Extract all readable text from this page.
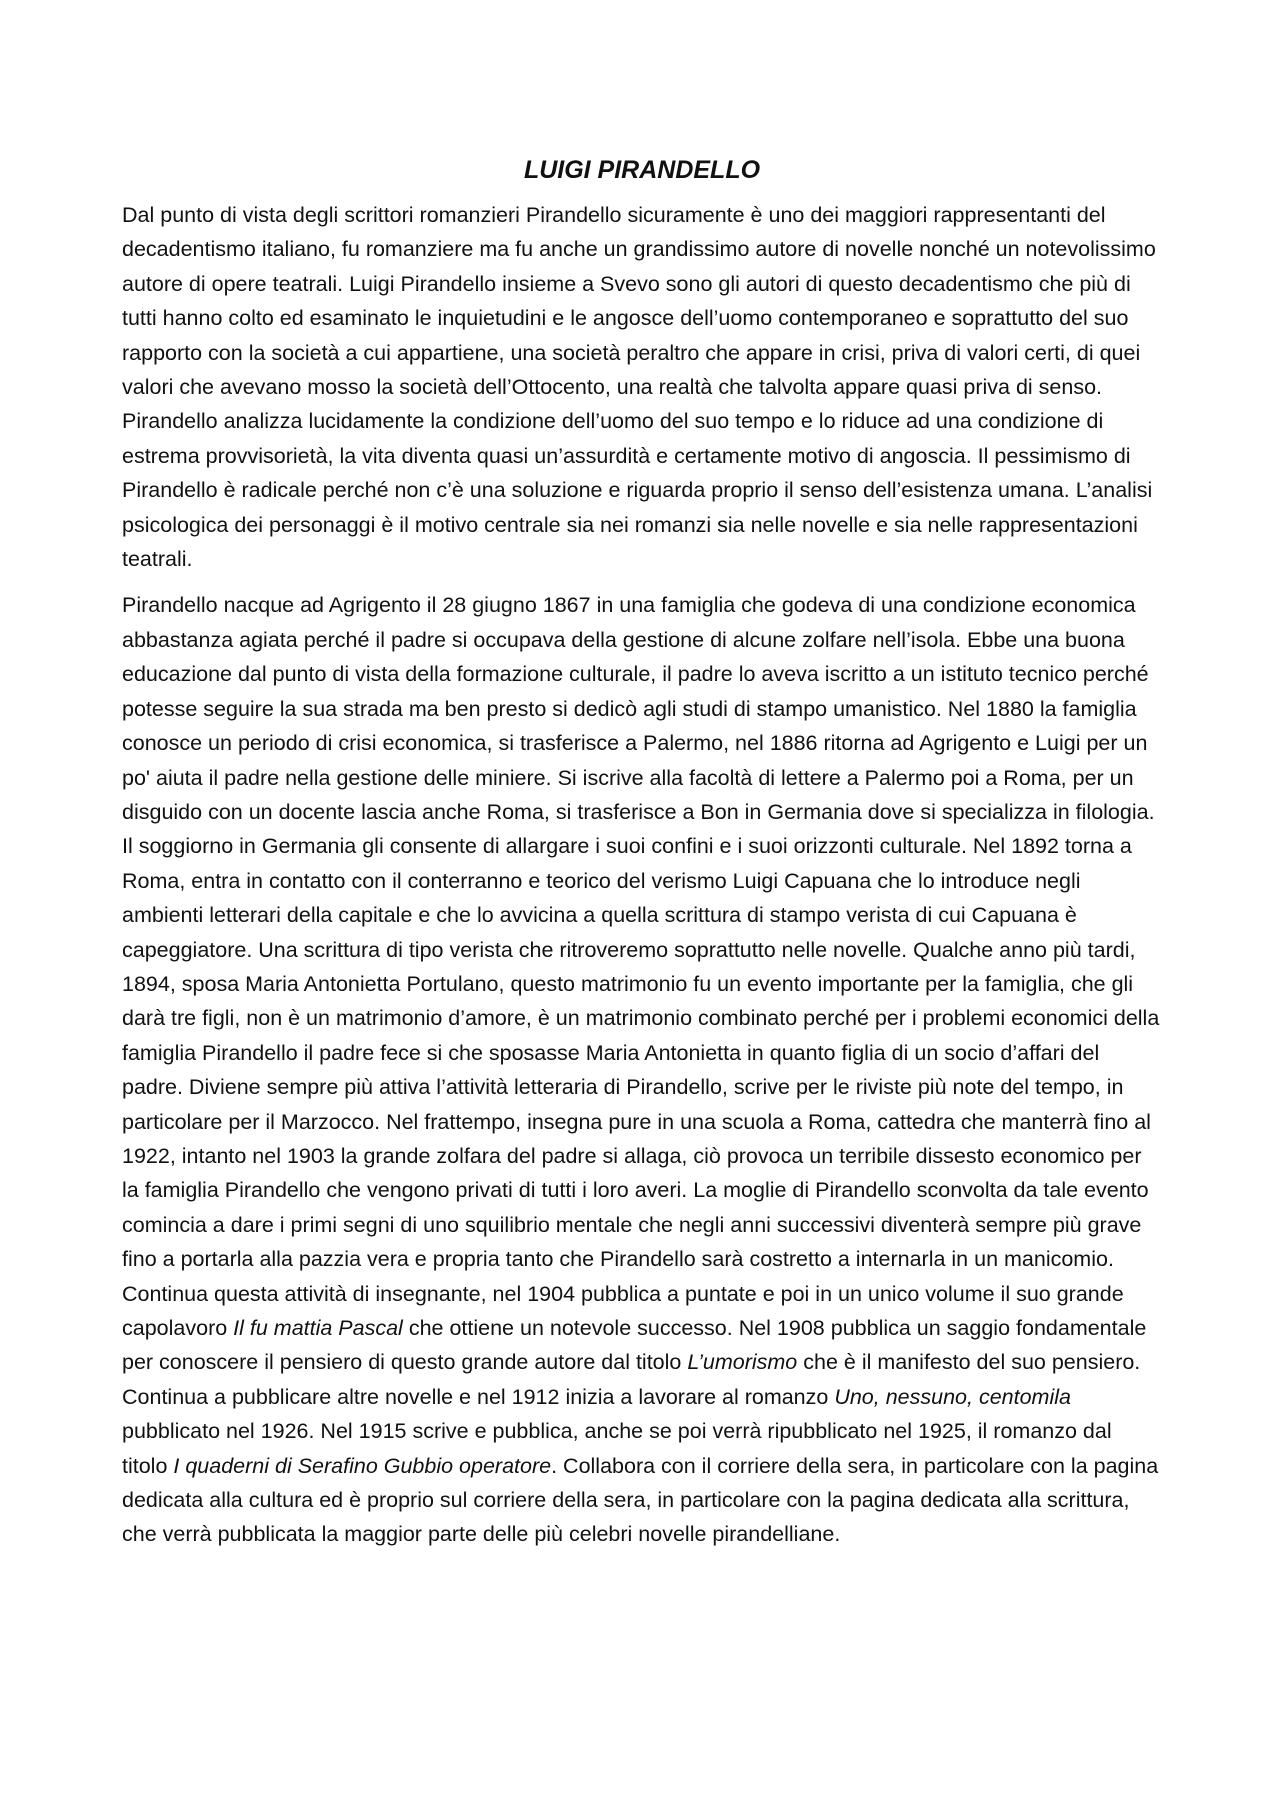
LUIGI PIRANDELLO

Dal punto di vista degli scrittori romanzieri Pirandello sicuramente è uno dei maggiori rappresentanti del decadentismo italiano, fu romanziere ma fu anche un grandissimo autore di novelle nonché un notevolissimo autore di opere teatrali. Luigi Pirandello insieme a Svevo sono gli autori di questo decadentismo che più di tutti hanno colto ed esaminato le inquietudini e le angosce dell’uomo contemporaneo e soprattutto del suo rapporto con la società a cui appartiene, una società peraltro che appare in crisi, priva di valori certi, di quei valori che avevano mosso la società dell’Ottocento, una realtà che talvolta appare quasi priva di senso. Pirandello analizza lucidamente la condizione dell’uomo del suo tempo e lo riduce ad una condizione di estrema provvisorietà, la vita diventa quasi un’assurdità e certamente motivo di angoscia. Il pessimismo di Pirandello è radicale perché non c’è una soluzione e riguarda proprio il senso dell’esistenza umana. L’analisi psicologica dei personaggi è il motivo centrale sia nei romanzi sia nelle novelle e sia nelle rappresentazioni teatrali.

Pirandello nacque ad Agrigento il 28 giugno 1867 in una famiglia che godeva di una condizione economica abbastanza agiata perché il padre si occupava della gestione di alcune zolfare nell’isola. Ebbe una buona educazione dal punto di vista della formazione culturale, il padre lo aveva iscritto a un istituto tecnico perché potesse seguire la sua strada ma ben presto si dedicò agli studi di stampo umanistico. Nel 1880 la famiglia conosce un periodo di crisi economica, si trasferisce a Palermo, nel 1886 ritorna ad Agrigento e Luigi per un po' aiuta il padre nella gestione delle miniere. Si iscrive alla facoltà di lettere a Palermo poi a Roma, per un disguido con un docente lascia anche Roma, si trasferisce a Bon in Germania dove si specializza in filologia. Il soggiorno in Germania gli consente di allargare i suoi confini e i suoi orizzonti culturale. Nel 1892 torna a Roma, entra in contatto con il conterranno e teorico del verismo Luigi Capuana che lo introduce negli ambienti letterari della capitale e che lo avvicina a quella scrittura di stampo verista di cui Capuana è capeggiatore. Una scrittura di tipo verista che ritroveremo soprattutto nelle novelle. Qualche anno più tardi, 1894, sposa Maria Antonietta Portulano, questo matrimonio fu un evento importante per la famiglia, che gli darà tre figli, non è un matrimonio d’amore, è un matrimonio combinato perché per i problemi economici della famiglia Pirandello il padre fece si che sposasse Maria Antonietta in quanto figlia di un socio d’affari del padre. Diviene sempre più attiva l’attività letteraria di Pirandello, scrive per le riviste più note del tempo, in particolare per il Marzocco. Nel frattempo, insegna pure in una scuola a Roma, cattedra che manterrà fino al 1922, intanto nel 1903 la grande zolfara del padre si allaga, ciò provoca un terribile dissesto economico per la famiglia Pirandello che vengono privati di tutti i loro averi. La moglie di Pirandello sconvolta da tale evento comincia a dare i primi segni di uno squilibrio mentale che negli anni successivi diventerà sempre più grave fino a portarla alla pazzia vera e propria tanto che Pirandello sarà costretto a internarla in un manicomio. Continua questa attività di insegnante, nel 1904 pubblica a puntate e poi in un unico volume il suo grande capolavoro Il fu mattia Pascal che ottiene un notevole successo. Nel 1908 pubblica un saggio fondamentale per conoscere il pensiero di questo grande autore dal titolo L’umorismo che è il manifesto del suo pensiero. Continua a pubblicare altre novelle e nel 1912 inizia a lavorare al romanzo Uno, nessuno, centomila pubblicato nel 1926. Nel 1915 scrive e pubblica, anche se poi verrà ripubblicato nel 1925, il romanzo dal titolo I quaderni di Serafino Gubbio operatore. Collabora con il corriere della sera, in particolare con la pagina dedicata alla cultura ed è proprio sul corriere della sera, in particolare con la pagina dedicata alla scrittura, che verrà pubblicata la maggior parte delle più celebri novelle pirandelliane.
